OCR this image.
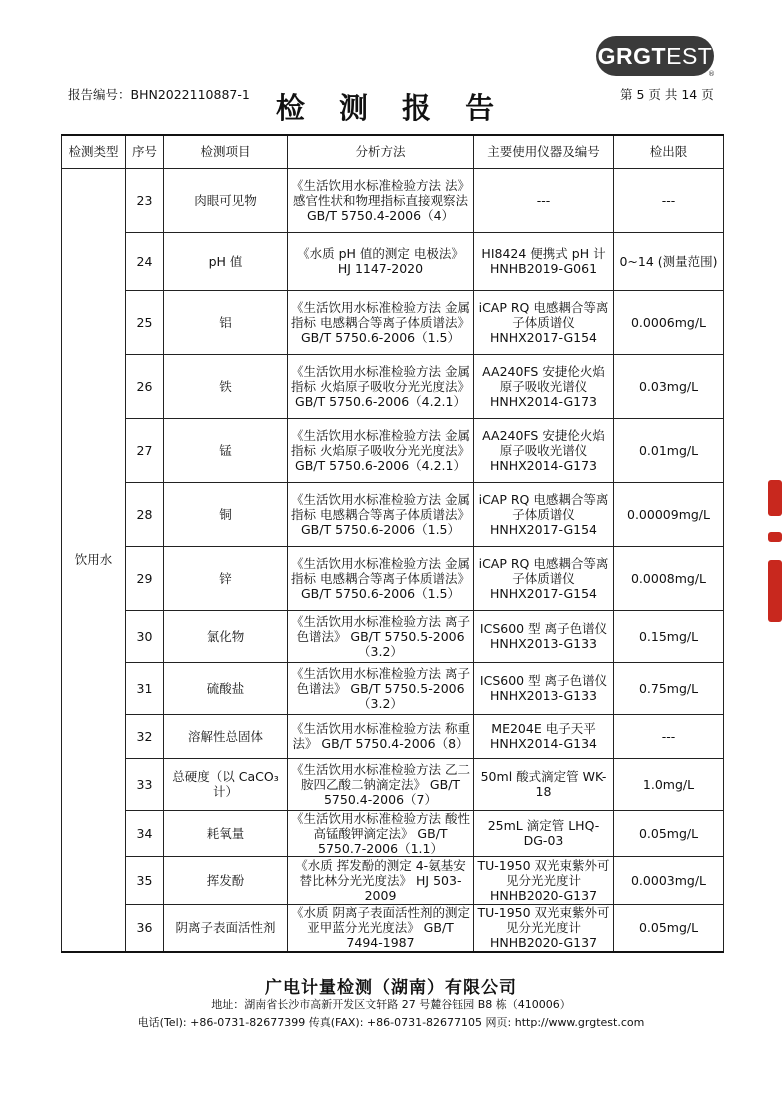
GRGTEST
®
报告编号：BHN2022110887-1 检 测 报 告	第 5 页 共 14 页
检测类型	序号	检测项目	分析方法	主要使用仪器及编号	检出限
饮用水	23	肉眼可见物	《生活饮用水标准检验方法 法》感官性状和物理指标直接观察法 GB/T 5750.4-2006（4）	---	---
	24	pH 值	《水质 pH 值的测定 电极法》 HJ 1147-2020	HI8424 便携式 pH 计 HNHB2019-G061	0~14 (测量范围)
	25	铝	《生活饮用水标准检验方法 金属指标 电感耦合等离子体质谱法》 GB/T 5750.6-2006（1.5）	iCAP RQ 电感耦合等离子体质谱仪 HNHX2017-G154	0.0006mg/L
	26	铁	《生活饮用水标准检验方法 金属指标 火焰原子吸收分光光度法》 GB/T 5750.6-2006（4.2.1）	AA240FS 安捷伦火焰原子吸收光谱仪 HNHX2014-G173	0.03mg/L
	27	锰	《生活饮用水标准检验方法 金属指标 火焰原子吸收分光光度法》 GB/T 5750.6-2006（4.2.1）	AA240FS 安捷伦火焰原子吸收光谱仪 HNHX2014-G173	0.01mg/L
	28	铜	《生活饮用水标准检验方法 金属指标 电感耦合等离子体质谱法》 GB/T 5750.6-2006（1.5）	iCAP RQ 电感耦合等离子体质谱仪 HNHX2017-G154	0.00009mg/L
	29	锌	《生活饮用水标准检验方法 金属指标 电感耦合等离子体质谱法》 GB/T 5750.6-2006（1.5）	iCAP RQ 电感耦合等离子体质谱仪 HNHX2017-G154	0.0008mg/L
	30	氯化物	《生活饮用水标准检验方法 离子色谱法》 GB/T 5750.5-2006（3.2）	ICS600 型 离子色谱仪 HNHX2013-G133	0.15mg/L
	31	硫酸盐	《生活饮用水标准检验方法 离子色谱法》 GB/T 5750.5-2006（3.2）	ICS600 型 离子色谱仪 HNHX2013-G133	0.75mg/L
	32	溶解性总固体	《生活饮用水标准检验方法 称重法》 GB/T 5750.4-2006（8）	ME204E 电子天平 HNHX2014-G134	---
	33	总硬度（以 CaCO₃ 计）	《生活饮用水标准检验方法 乙二胺四乙酸二钠滴定法》 GB/T 5750.4-2006（7）	50ml 酸式滴定管 WK-18	1.0mg/L
	34	耗氧量	《生活饮用水标准检验方法 酸性高锰酸钾滴定法》 GB/T 5750.7-2006（1.1）	25mL 滴定管 LHQ-DG-03	0.05mg/L
	35	挥发酚	《水质 挥发酚的测定 4-氨基安替比林分光光度法》 HJ 503-2009	TU-1950 双光束紫外可见分光光度计 HNHB2020-G137	0.0003mg/L
	36	阴离子表面活性剂	《水质 阴离子表面活性剂的测定 亚甲蓝分光光度法》 GB/T 7494-1987	TU-1950 双光束紫外可见分光光度计 HNHB2020-G137	0.05mg/L
广电计量检测（湖南）有限公司
地址：湖南省长沙市高新开发区文轩路 27 号麓谷钰园 B8 栋（410006）
电话(Tel): +86-0731-82677399 传真(FAX): +86-0731-82677105 网页: http://www.grgtest.com
